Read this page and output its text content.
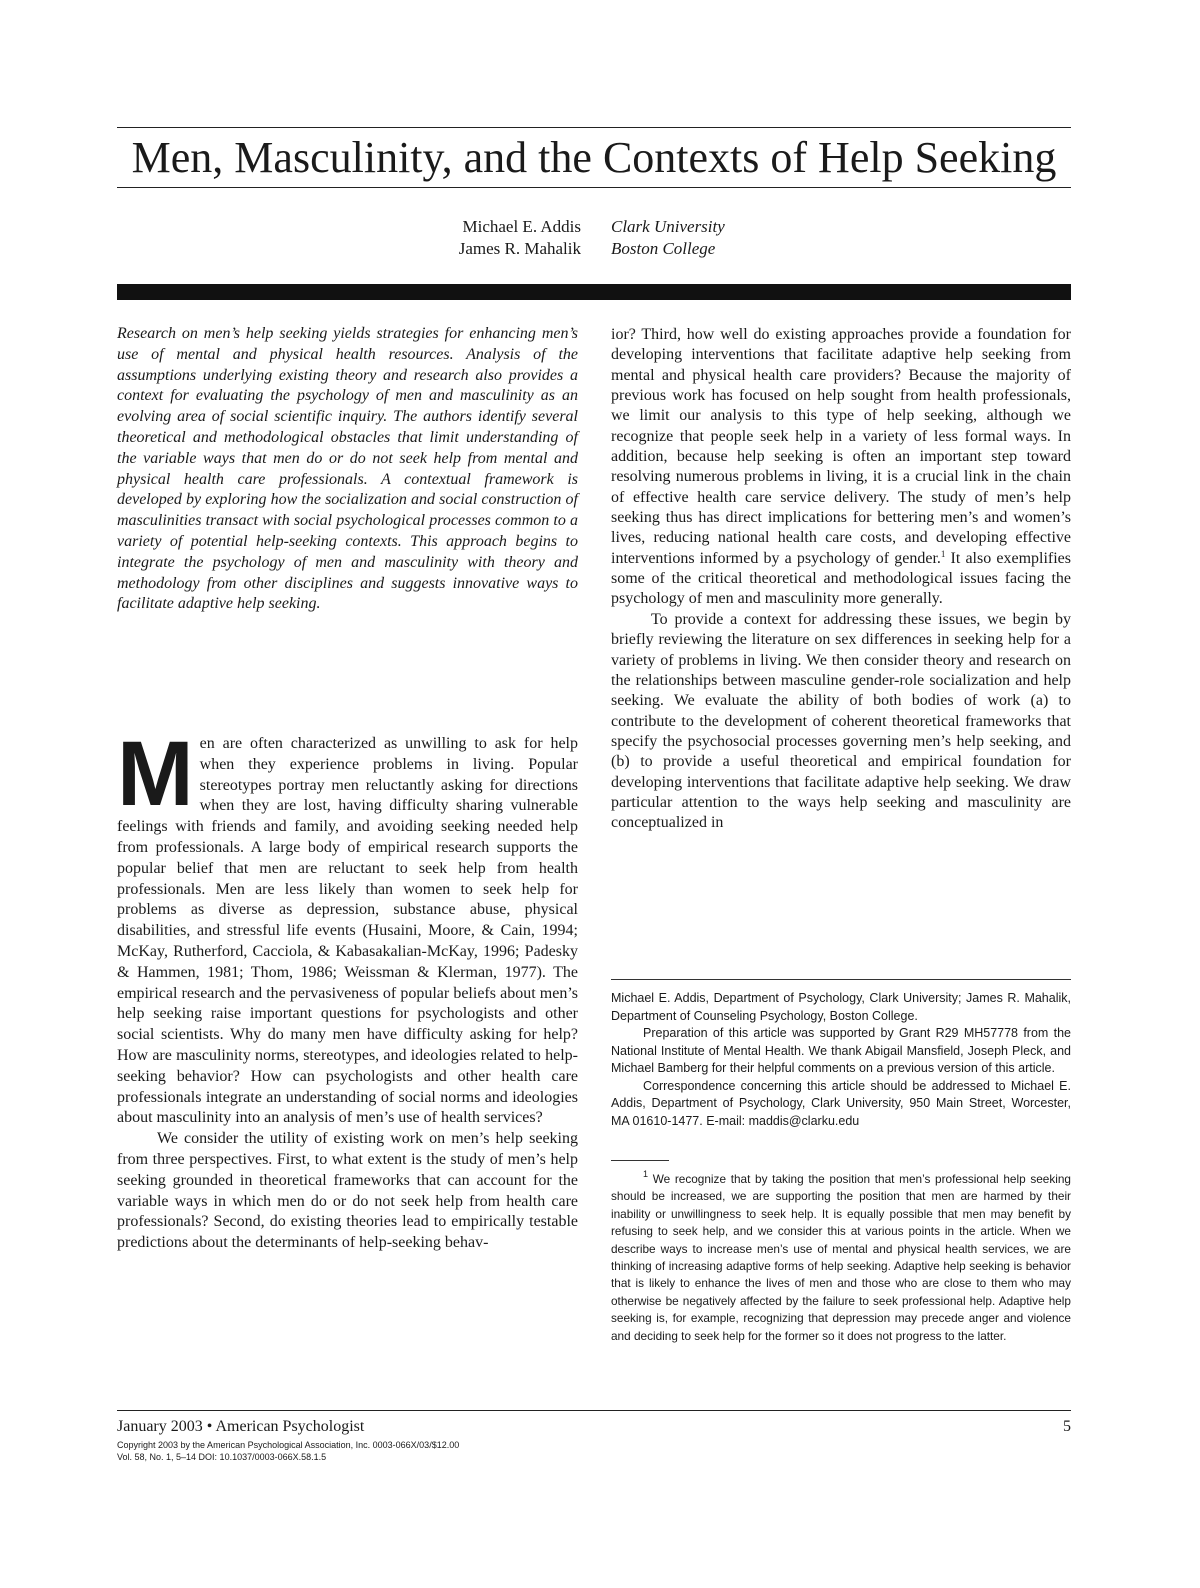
Men, Masculinity, and the Contexts of Help Seeking
Michael E. Addis
James R. Mahalik
Clark University
Boston College

Research on men’s help seeking yields strategies for enhancing men’s use of mental and physical health resources. Analysis of the assumptions underlying existing theory and research also provides a context for evaluating the psychology of men and masculinity as an evolving area of social scientific inquiry. The authors identify several theoretical and methodological obstacles that limit understanding of the variable ways that men do or do not seek help from mental and physical health care professionals. A contextual framework is developed by exploring how the socialization and social construction of masculinities transact with social psychological processes common to a variety of potential help-seeking contexts. This approach begins to integrate the psychology of men and masculinity with theory and methodology from other disciplines and suggests innovative ways to facilitate adaptive help seeking.

Men are often characterized as unwilling to ask for help when they experience problems in living. Popular stereotypes portray men reluctantly asking for directions when they are lost, having difficulty sharing vulnerable feelings with friends and family, and avoiding seeking needed help from professionals. A large body of empirical research supports the popular belief that men are reluctant to seek help from health professionals. Men are less likely than women to seek help for problems as diverse as depression, substance abuse, physical disabilities, and stressful life events (Husaini, Moore, & Cain, 1994; McKay, Rutherford, Cacciola, & Kabasakalian-McKay, 1996; Padesky & Hammen, 1981; Thom, 1986; Weissman & Klerman, 1977). The empirical research and the pervasiveness of popular beliefs about men’s help seeking raise important questions for psychologists and other social scientists. Why do many men have difficulty asking for help? How are masculinity norms, stereotypes, and ideologies related to help-seeking behavior? How can psychologists and other health care professionals integrate an understanding of social norms and ideologies about masculinity into an analysis of men’s use of health services?

We consider the utility of existing work on men’s help seeking from three perspectives. First, to what extent is the study of men’s help seeking grounded in theoretical frameworks that can account for the variable ways in which men do or do not seek help from health care professionals? Second, do existing theories lead to empirically testable predictions about the determinants of help-seeking behav-

ior? Third, how well do existing approaches provide a foundation for developing interventions that facilitate adaptive help seeking from mental and physical health care providers? Because the majority of previous work has focused on help sought from health professionals, we limit our analysis to this type of help seeking, although we recognize that people seek help in a variety of less formal ways. In addition, because help seeking is often an important step toward resolving numerous problems in living, it is a crucial link in the chain of effective health care service delivery. The study of men’s help seeking thus has direct implications for bettering men’s and women’s lives, reducing national health care costs, and developing effective interventions informed by a psychology of gender.$^1$ It also exemplifies some of the critical theoretical and methodological issues facing the psychology of men and masculinity more generally.

To provide a context for addressing these issues, we begin by briefly reviewing the literature on sex differences in seeking help for a variety of problems in living. We then consider theory and research on the relationships between masculine gender-role socialization and help seeking. We evaluate the ability of both bodies of work (a) to contribute to the development of coherent theoretical frameworks that specify the psychosocial processes governing men’s help seeking, and (b) to provide a useful theoretical and empirical foundation for developing interventions that facilitate adaptive help seeking. We draw particular attention to the ways help seeking and masculinity are conceptualized in

Michael E. Addis, Department of Psychology, Clark University; James R. Mahalik, Department of Counseling Psychology, Boston College.

Preparation of this article was supported by Grant R29 MH57778 from the National Institute of Mental Health. We thank Abigail Mansfield, Joseph Pleck, and Michael Bamberg for their helpful comments on a previous version of this article.

Correspondence concerning this article should be addressed to Michael E. Addis, Department of Psychology, Clark University, 950 Main Street, Worcester, MA 01610-1477. E-mail: maddis@clarku.edu

$^1$ We recognize that by taking the position that men’s professional help seeking should be increased, we are supporting the position that men are harmed by their inability or unwillingness to seek help. It is equally possible that men may benefit by refusing to seek help, and we consider this at various points in the article. When we describe ways to increase men’s use of mental and physical health services, we are thinking of increasing adaptive forms of help seeking. Adaptive help seeking is behavior that is likely to enhance the lives of men and those who are close to them who may otherwise be negatively affected by the failure to seek professional help. Adaptive help seeking is, for example, recognizing that depression may precede anger and violence and deciding to seek help for the former so it does not progress to the latter.

January 2003 • American Psychologist	5
Copyright 2003 by the American Psychological Association, Inc. 0003-066X/03/$12.00
Vol. 58, No. 1, 5–14 DOI: 10.1037/0003-066X.58.1.5
